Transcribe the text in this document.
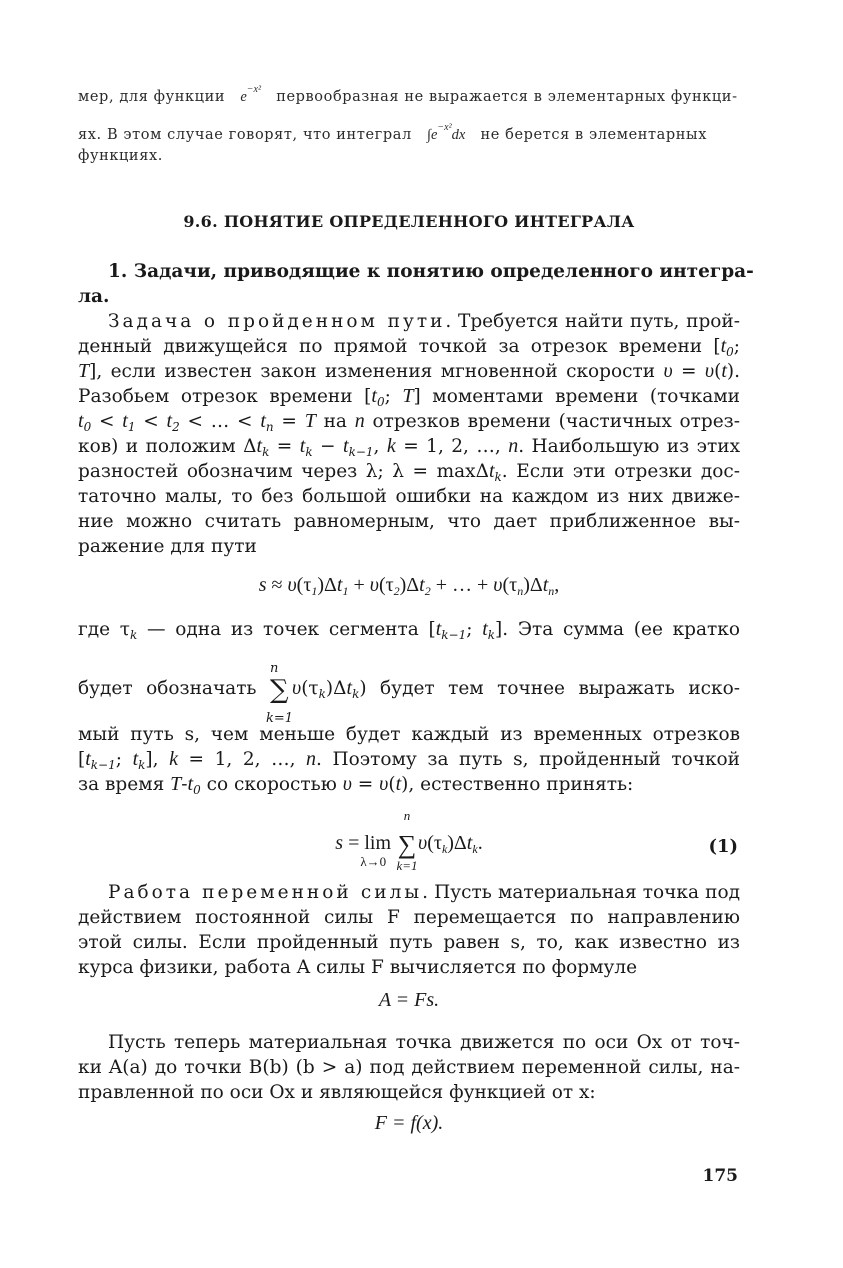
мер, для функции $e^{-x^2}$ первообразная не выражается в элементарных функци-
ях. В этом случае говорят, что интеграл $\int e^{-x^2}dx$ не берется в элементарных
функциях.
9.6. ПОНЯТИЕ ОПРЕДЕЛЕННОГО ИНТЕГРАЛА
1. Задачи, приводящие к понятию определенного интегра-
ла.
Задача о пройденном пути. Требуется найти путь, прой-
денный движущейся по прямой точкой за отрезок времени [$t_0$;
T], если известен закон изменения мгновенной скорости υ = υ(t).
Разобьем отрезок времени [$t_0$; T] моментами времени (точками
$t_0 < t_1 < t_2$ < … < $t_n = T$ на n отрезков времени (частичных отрез-
ков) и положим $\Delta t_k = t_k - t_{k-1}$, k = 1, 2, …, n. Наибольшую из этих
разностей обозначим через λ; λ = maxΔt$_k$. Если эти отрезки дос-
таточно малы, то без большой ошибки на каждом из них движе-
ние можно считать равномерным, что дает приближенное вы-
ражение для пути
$s \approx \upsilon(\tau_1)\Delta t_1 + \upsilon(\tau_2)\Delta t_2$ + … + $\upsilon(\tau_n)\Delta t_n$,
где $\tau_k$ — одна из точек сегмента [$t_{k-1}$; $t_k$]. Эта сумма (ее кратко
будет обозначать
n
∑
k=1
$\upsilon(\tau_k)\Delta t_k$) будет тем точнее выражать иско-
мый путь s, чем меньше будет каждый из временных отрезков
[$t_{k-1}$; $t_k$], k = 1, 2, …, n. Поэтому за путь s, пройденный точкой
за время $T-t_0$ со скоростью υ = υ(t), естественно принять:
s = lim
λ→0

n
∑
k=1
$\upsilon(\tau_k)\Delta t_k$.	(1)
Работа переменной силы. Пусть материальная точка под
действием постоянной силы F перемещается по направлению
этой силы. Если пройденный путь равен s, то, как известно из
курса физики, работа A силы F вычисляется по формуле
A = Fs.
Пусть теперь материальная точка движется по оси Ox от точ-
ки A(a) до точки B(b) (b > a) под действием переменной силы, на-
правленной по оси Ox и являющейся функцией от x:
F = f(x).
175
